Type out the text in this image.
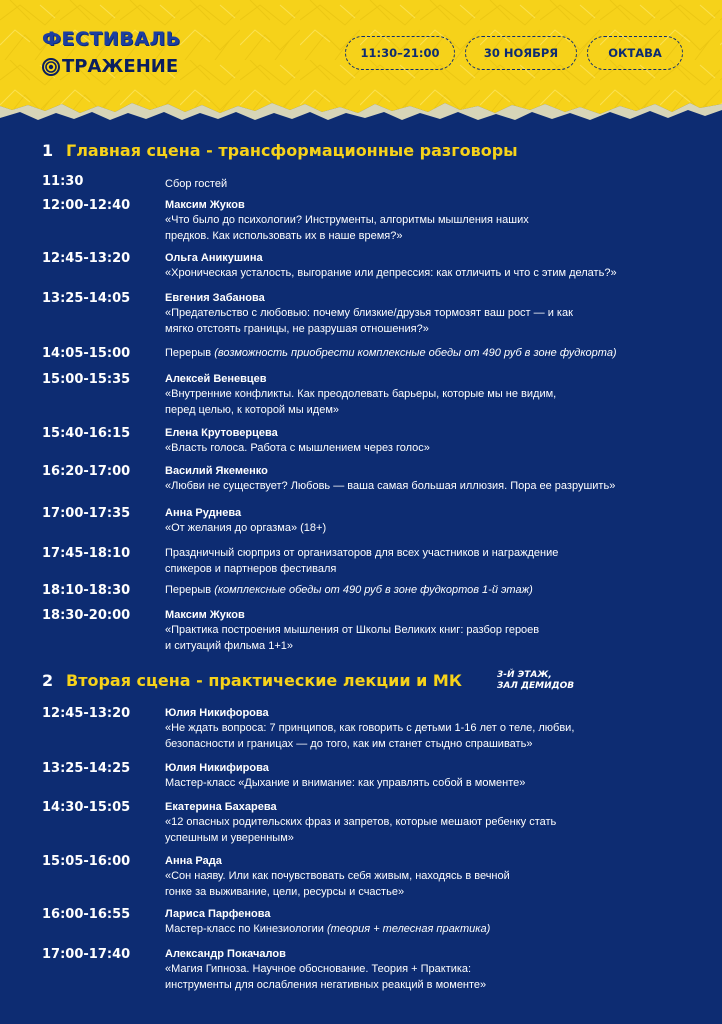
ФЕСТИВАЛЬ
ТРАЖЕНИЕ
11:30–21:00	30 НОЯБРЯ	ОКТАВА
1 Главная сцена - трансформационные разговоры
11:30	Сбор гостей
12:00-12:40	Максим Жуков
«Что было до психологии? Инструменты, алгоритмы мышления наших
предков. Как использовать их в наше время?»
12:45-13:20	Ольга Аникушина
«Хроническая усталость, выгорание или депрессия: как отличить и что с этим делать?»
13:25-14:05	Евгения Забанова
«Предательство с любовью: почему близкие/друзья тормозят ваш рост — и как
мягко отстоять границы, не разрушая отношения?»
14:05-15:00	Перерыв (возможность приобрести комплексные обеды от 490 руб в зоне фудкорта)
15:00-15:35	Алексей Веневцев
«Внутренние конфликты. Как преодолевать барьеры, которые мы не видим,
перед целью, к которой мы идем»
15:40-16:15	Елена Крутоверцева
«Власть голоса. Работа с мышлением через голос»
16:20-17:00	Василий Якеменко
«Любви не существует? Любовь — ваша самая большая иллюзия. Пора ее разрушить»
17:00-17:35	Анна Руднева
«От желания до оргазма» (18+)
17:45-18:10	Праздничный сюрприз от организаторов для всех участников и награждение
спикеров и партнеров фестиваля
18:10-18:30	Перерыв (комплексные обеды от 490 руб в зоне фудкортов 1-й этаж)
18:30-20:00	Максим Жуков
«Практика построения мышления от Школы Великих книг: разбор героев
и ситуаций фильма 1+1»
2 Вторая сцена - практические лекции и МК	3-Й ЭТАЖ,
ЗАЛ ДЕМИДОВ
12:45-13:20	Юлия Никифорова
«Не ждать вопроса: 7 принципов, как говорить с детьми 1-16 лет о теле, любви,
безопасности и границах — до того, как им станет стыдно спрашивать»
13:25-14:25	Юлия Никифирова
Мастер-класс «Дыхание и внимание: как управлять собой в моменте»
14:30-15:05	Екатерина Бахарева
«12 опасных родительских фраз и запретов, которые мешают ребенку стать
успешным и уверенным»
15:05-16:00	Анна Рада
«Сон наяву. Или как почувствовать себя живым, находясь в вечной
гонке за выживание, цели, ресурсы и счастье»
16:00-16:55	Лариса Парфенова
Мастер-класс по Кинезиологии (теория + телесная практика)
17:00-17:40	Александр Покачалов
«Магия Гипноза. Научное обоснование. Теория + Практика:
инструменты для ослабления негативных реакций в моменте»
